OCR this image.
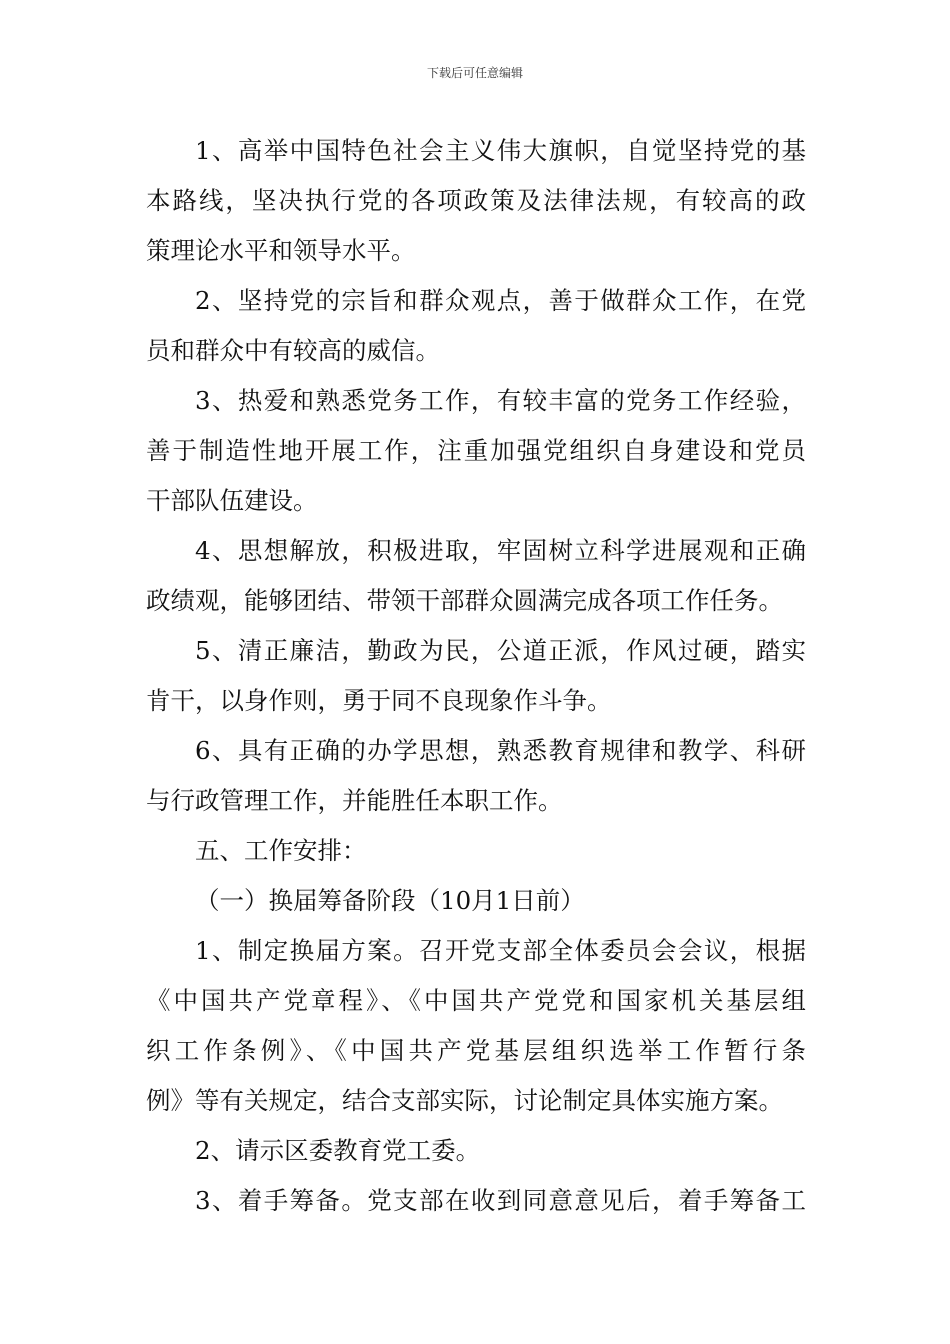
下载后可任意编辑
1、高举中国特色社会主义伟大旗帜，自觉坚持党的基
本路线，坚决执行党的各项政策及法律法规，有较高的政
策理论水平和领导水平。
2、坚持党的宗旨和群众观点，善于做群众工作，在党
员和群众中有较高的威信。
3、热爱和熟悉党务工作，有较丰富的党务工作经验，
善于制造性地开展工作，注重加强党组织自身建设和党员
干部队伍建设。
4、思想解放，积极进取，牢固树立科学进展观和正确
政绩观，能够团结、带领干部群众圆满完成各项工作任务。
5、清正廉洁，勤政为民，公道正派，作风过硬，踏实
肯干，以身作则，勇于同不良现象作斗争。
6、具有正确的办学思想，熟悉教育规律和教学、科研
与行政管理工作，并能胜任本职工作。
五、工作安排：
（一）换届筹备阶段（10月1日前）
1、制定换届方案。召开党支部全体委员会会议，根据
《中国共产党章程》、《中国共产党党和国家机关基层组
织工作条例》、《中国共产党基层组织选举工作暂行条
例》等有关规定，结合支部实际，讨论制定具体实施方案。
2、请示区委教育党工委。
3、着手筹备。党支部在收到同意意见后，着手筹备工
